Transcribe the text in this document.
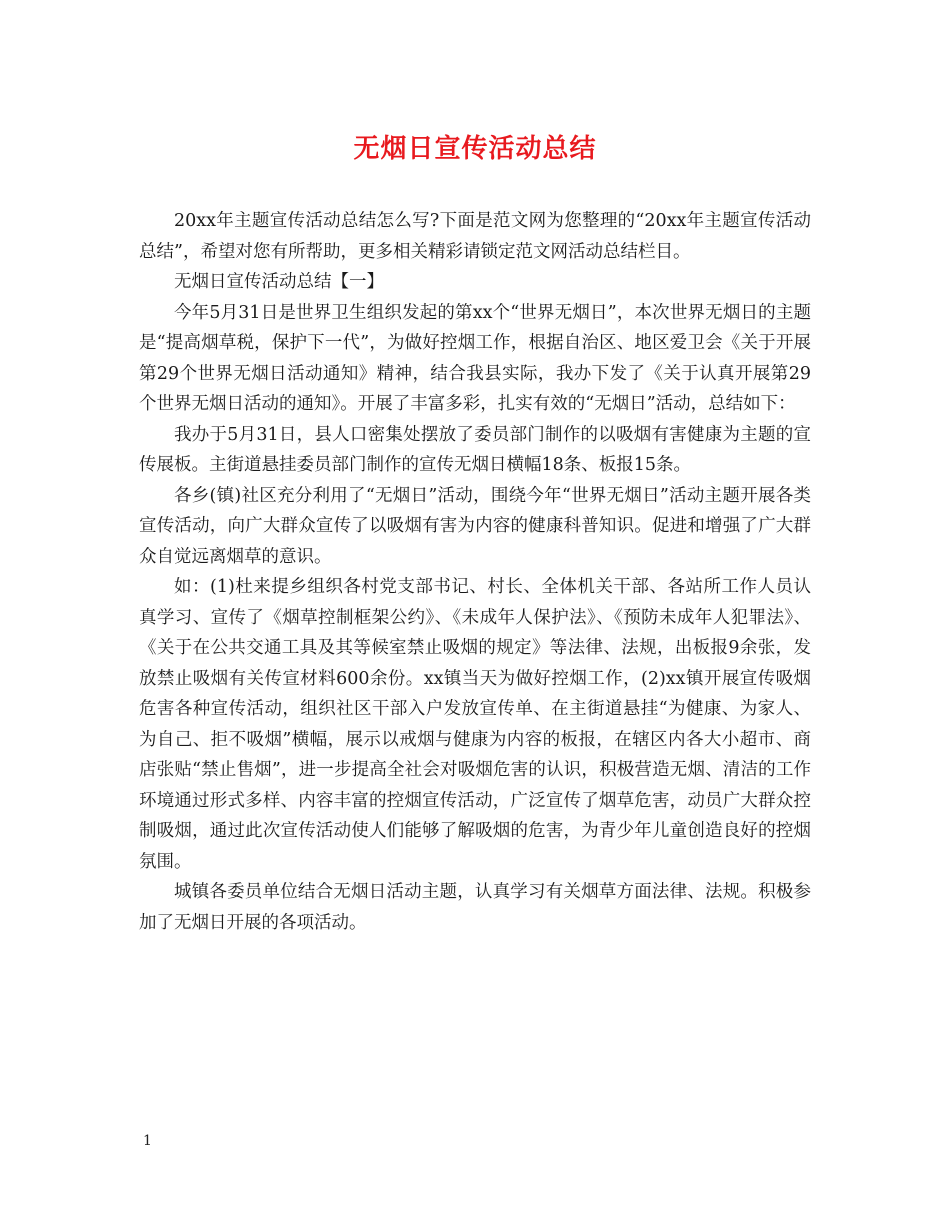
无烟日宣传活动总结

20xx年主题宣传活动总结怎么写?下面是范文网为您整理的“20xx年主题宣传活动总结”，希望对您有所帮助，更多相关精彩请锁定范文网活动总结栏目。

无烟日宣传活动总结【一】

今年5月31日是世界卫生组织发起的第xx个“世界无烟日”，本次世界无烟日的主题是“提高烟草税，保护下一代”，为做好控烟工作，根据自治区、地区爱卫会《关于开展第29个世界无烟日活动通知》精神，结合我县实际，我办下发了《关于认真开展第29个世界无烟日活动的通知》。开展了丰富多彩，扎实有效的“无烟日”活动，总结如下：

我办于5月31日，县人口密集处摆放了委员部门制作的以吸烟有害健康为主题的宣传展板。主街道悬挂委员部门制作的宣传无烟日横幅18条、板报15条。

各乡(镇)社区充分利用了“无烟日”活动，围绕今年“世界无烟日”活动主题开展各类宣传活动，向广大群众宣传了以吸烟有害为内容的健康科普知识。促进和增强了广大群众自觉远离烟草的意识。

如：(1)杜来提乡组织各村党支部书记、村长、全体机关干部、各站所工作人员认真学习、宣传了《烟草控制框架公约》、《未成年人保护法》、《预防未成年人犯罪法》、《关于在公共交通工具及其等候室禁止吸烟的规定》等法律、法规，出板报9余张，发放禁止吸烟有关传宣材料600余份。xx镇当天为做好控烟工作，(2)xx镇开展宣传吸烟危害各种宣传活动，组织社区干部入户发放宣传单、在主街道悬挂“为健康、为家人、为自己、拒不吸烟”横幅，展示以戒烟与健康为内容的板报，在辖区内各大小超市、商店张贴“禁止售烟”，进一步提高全社会对吸烟危害的认识，积极营造无烟、清洁的工作环境通过形式多样、内容丰富的控烟宣传活动，广泛宣传了烟草危害，动员广大群众控制吸烟，通过此次宣传活动使人们能够了解吸烟的危害，为青少年儿童创造良好的控烟氛围。

城镇各委员单位结合无烟日活动主题，认真学习有关烟草方面法律、法规。积极参加了无烟日开展的各项活动。

1
